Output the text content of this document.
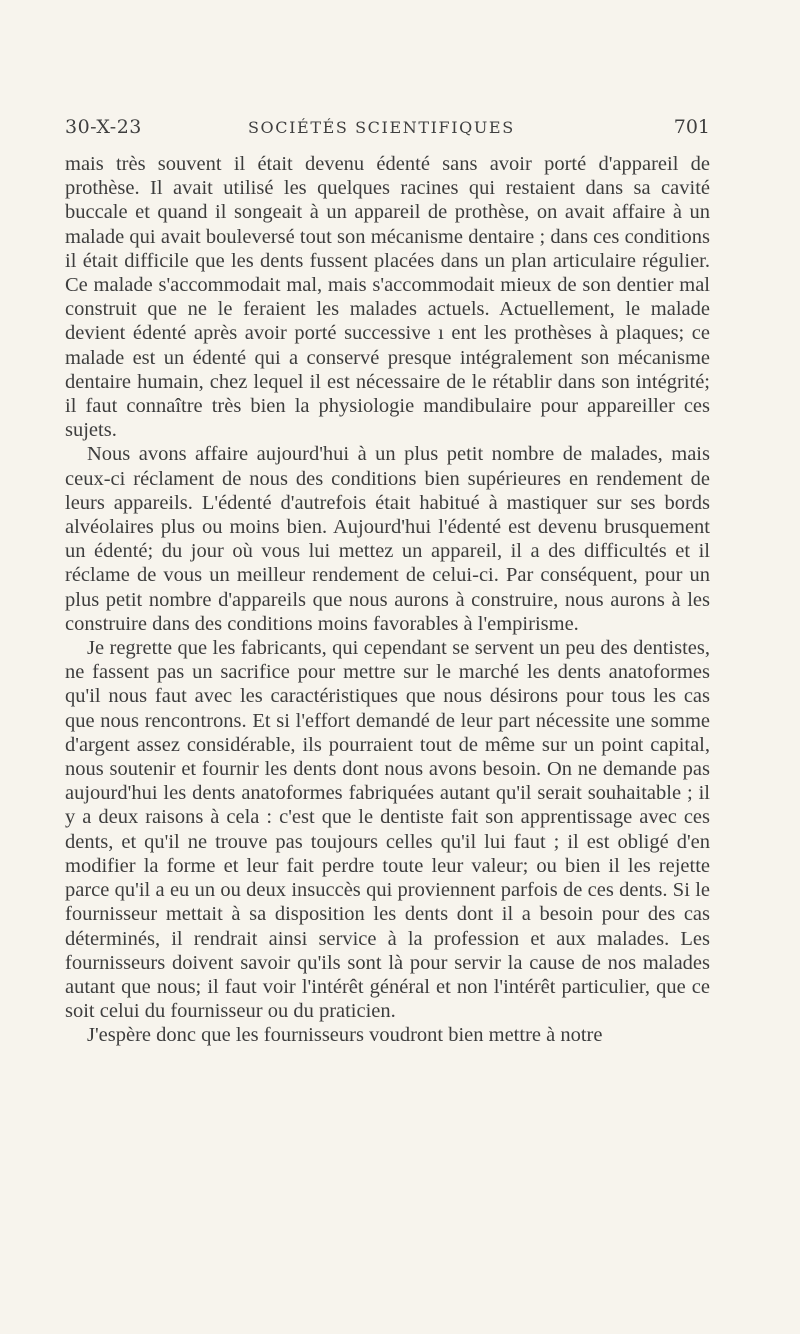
30-X-23	SOCIÉTÉS SCIENTIFIQUES	701

mais très souvent il était devenu édenté sans avoir porté d'appareil de prothèse. Il avait utilisé les quelques racines qui restaient dans sa cavité buccale et quand il songeait à un appareil de prothèse, on avait affaire à un malade qui avait bouleversé tout son mécanisme dentaire ; dans ces conditions il était difficile que les dents fussent placées dans un plan articulaire régulier. Ce malade s'accommodait mal, mais s'accommodait mieux de son dentier mal construit que ne le feraient les malades actuels. Actuellement, le malade devient édenté après avoir porté successive ı ent les prothèses à plaques; ce malade est un édenté qui a conservé presque intégralement son mécanisme dentaire humain, chez lequel il est nécessaire de le rétablir dans son intégrité; il faut connaître très bien la physiologie mandibulaire pour appareiller ces sujets.

Nous avons affaire aujourd'hui à un plus petit nombre de malades, mais ceux-ci réclament de nous des conditions bien supérieures en rendement de leurs appareils. L'édenté d'autrefois était habitué à mastiquer sur ses bords alvéolaires plus ou moins bien. Aujourd'hui l'édenté est devenu brusquement un édenté; du jour où vous lui mettez un appareil, il a des difficultés et il réclame de vous un meilleur rendement de celui-ci. Par conséquent, pour un plus petit nombre d'appareils que nous aurons à construire, nous aurons à les construire dans des conditions moins favorables à l'empirisme.

Je regrette que les fabricants, qui cependant se servent un peu des dentistes, ne fassent pas un sacrifice pour mettre sur le marché les dents anatoformes qu'il nous faut avec les caractéristiques que nous désirons pour tous les cas que nous rencontrons. Et si l'effort demandé de leur part nécessite une somme d'argent assez considérable, ils pourraient tout de même sur un point capital, nous soutenir et fournir les dents dont nous avons besoin. On ne demande pas aujourd'hui les dents anatoformes fabriquées autant qu'il serait souhaitable ; il y a deux raisons à cela : c'est que le dentiste fait son apprentissage avec ces dents, et qu'il ne trouve pas toujours celles qu'il lui faut ; il est obligé d'en modifier la forme et leur fait perdre toute leur valeur; ou bien il les rejette parce qu'il a eu un ou deux insuccès qui proviennent parfois de ces dents. Si le fournisseur mettait à sa disposition les dents dont il a besoin pour des cas déterminés, il rendrait ainsi service à la profession et aux malades. Les fournisseurs doivent savoir qu'ils sont là pour servir la cause de nos malades autant que nous; il faut voir l'intérêt général et non l'intérêt particulier, que ce soit celui du fournisseur ou du praticien.

J'espère donc que les fournisseurs voudront bien mettre à notre
